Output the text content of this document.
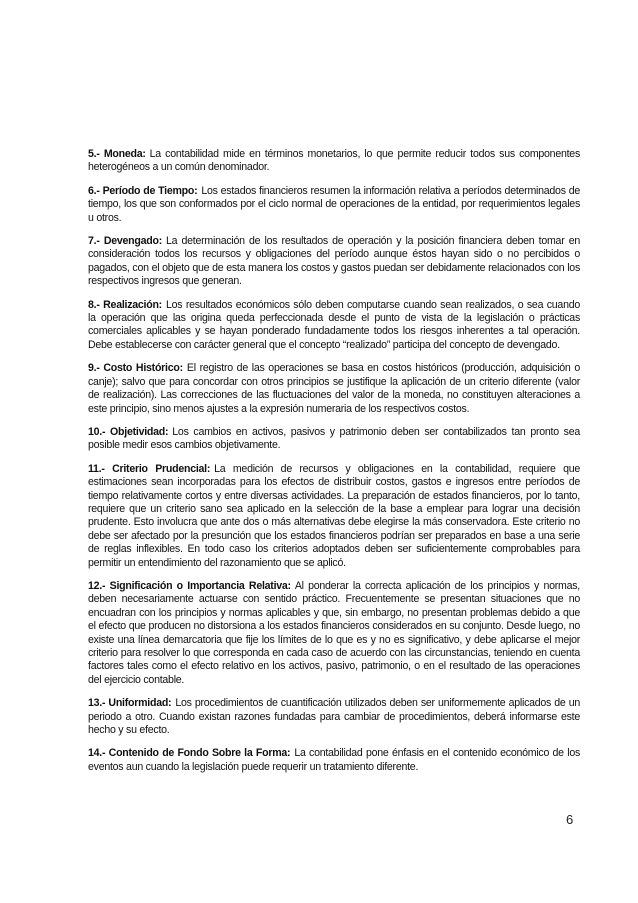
5.- Moneda: La contabilidad mide en términos monetarios, lo que permite reducir todos sus componentes heterogéneos a un común denominador.

6.- Período de Tiempo: Los estados financieros resumen la información relativa a períodos determinados de tiempo, los que son conformados por el ciclo normal de operaciones de la entidad, por requerimientos legales u otros.

7.- Devengado: La determinación de los resultados de operación y la posición financiera deben tomar en consideración todos los recursos y obligaciones del período aunque éstos hayan sido o no percibidos o pagados, con el objeto que de esta manera los costos y gastos puedan ser debidamente relacionados con los respectivos ingresos que generan.

8.- Realización: Los resultados económicos sólo deben computarse cuando sean realizados, o sea cuando la operación que las origina queda perfeccionada desde el punto de vista de la legislación o prácticas comerciales aplicables y se hayan ponderado fundadamente todos los riesgos inherentes a tal operación. Debe establecerse con carácter general que el concepto “realizado” participa del concepto de devengado.

9.- Costo Histórico: El registro de las operaciones se basa en costos históricos (producción, adquisición o canje); salvo que para concordar con otros principios se justifique la aplicación de un criterio diferente (valor de realización). Las correcciones de las fluctuaciones del valor de la moneda, no constituyen alteraciones a este principio, sino menos ajustes a la expresión numeraria de los respectivos costos.

10.- Objetividad: Los cambios en activos, pasivos y patrimonio deben ser contabilizados tan pronto sea posible medir esos cambios objetivamente.

11.- Criterio Prudencial: La medición de recursos y obligaciones en la contabilidad, requiere que estimaciones sean incorporadas para los efectos de distribuir costos, gastos e ingresos entre períodos de tiempo relativamente cortos y entre diversas actividades. La preparación de estados financieros, por lo tanto, requiere que un criterio sano sea aplicado en la selección de la base a emplear para lograr una decisión prudente. Esto involucra que ante dos o más alternativas debe elegirse la más conservadora. Este criterio no debe ser afectado por la presunción que los estados financieros podrían ser preparados en base a una serie de reglas inflexibles. En todo caso los criterios adoptados deben ser suficientemente comprobables para permitir un entendimiento del razonamiento que se aplicó.

12.- Significación o Importancia Relativa: Al ponderar la correcta aplicación de los principios y normas, deben necesariamente actuarse con sentido práctico. Frecuentemente se presentan situaciones que no encuadran con los principios y normas aplicables y que, sin embargo, no presentan problemas debido a que el efecto que producen no distorsiona a los estados financieros considerados en su conjunto. Desde luego, no existe una línea demarcatoria que fije los límites de lo que es y no es significativo, y debe aplicarse el mejor criterio para resolver lo que corresponda en cada caso de acuerdo con las circunstancias, teniendo en cuenta factores tales como el efecto relativo en los activos, pasivo, patrimonio, o en el resultado de las operaciones del ejercicio contable.

13.- Uniformidad: Los procedimientos de cuantificación utilizados deben ser uniformemente aplicados de un periodo a otro. Cuando existan razones fundadas para cambiar de procedimientos, deberá informarse este hecho y su efecto.

14.- Contenido de Fondo Sobre la Forma: La contabilidad pone énfasis en el contenido económico de los eventos aun cuando la legislación puede requerir un tratamiento diferente.

6
